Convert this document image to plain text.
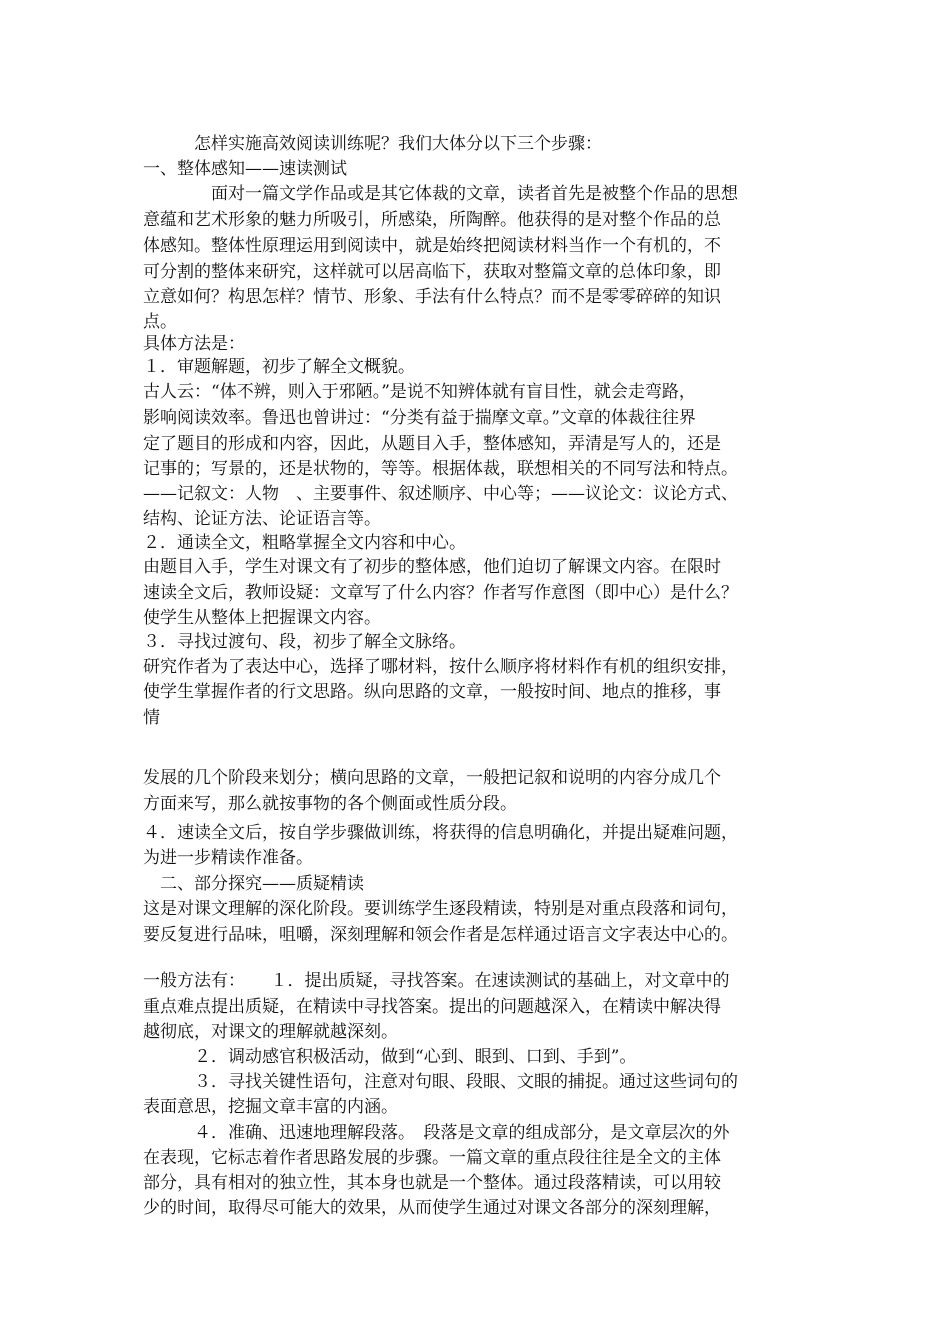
　　　怎样实施高效阅读训练呢？我们大体分以下三个步骤：
一、整体感知——速读测试
　　　　面对一篇文学作品或是其它体裁的文章，读者首先是被整个作品的思想
意蕴和艺术形象的魅力所吸引，所感染，所陶醉。他获得的是对整个作品的总
体感知。整体性原理运用到阅读中，就是始终把阅读材料当作一个有机的，不
可分割的整体来研究，这样就可以居高临下，获取对整篇文章的总体印象，即
立意如何？构思怎样？情节、形象、手法有什么特点？而不是零零碎碎的知识
点。
具体方法是：
１．审题解题，初步了解全文概貌。
古人云：“体不辨，则入于邪陋。”是说不知辨体就有盲目性，就会走弯路，
影响阅读效率。鲁迅也曾讲过：“分类有益于揣摩文章。”文章的体裁往往界
定了题目的形成和内容，因此，从题目入手，整体感知，弄清是写人的，还是
记事的；写景的，还是状物的，等等。根据体裁，联想相关的不同写法和特点。
——记叙文：人物　、主要事件、叙述顺序、中心等；——议论文：议论方式、
结构、论证方法、论证语言等。
２．通读全文，粗略掌握全文内容和中心。
由题目入手，学生对课文有了初步的整体感，他们迫切了解课文内容。在限时
速读全文后，教师设疑：文章写了什么内容？作者写作意图（即中心）是什么？
使学生从整体上把握课文内容。
３．寻找过渡句、段，初步了解全文脉络。
研究作者为了表达中心，选择了哪材料，按什么顺序将材料作有机的组织安排，
使学生掌握作者的行文思路。纵向思路的文章，一般按时间、地点的推移，事
情
发展的几个阶段来划分；横向思路的文章，一般把记叙和说明的内容分成几个
方面来写，那么就按事物的各个侧面或性质分段。
４．速读全文后，按自学步骤做训练，将获得的信息明确化，并提出疑难问题，
为进一步精读作准备。
　二、部分探究——质疑精读
这是对课文理解的深化阶段。要训练学生逐段精读，特别是对重点段落和词句，
要反复进行品味，咀嚼，深刻理解和领会作者是怎样通过语言文字表达中心的。
一般方法有：　　１．提出质疑，寻找答案。在速读测试的基础上，对文章中的
重点难点提出质疑，在精读中寻找答案。提出的问题越深入，在精读中解决得
越彻底，对课文的理解就越深刻。
　　　２．调动感官积极活动，做到“心到、眼到、口到、手到”。
　　　３．寻找关键性语句，注意对句眼、段眼、文眼的捕捉。通过这些词句的
表面意思，挖掘文章丰富的内涵。
　　　４．准确、迅速地理解段落。　段落是文章的组成部分，是文章层次的外
在表现，它标志着作者思路发展的步骤。一篇文章的重点段往往是全文的主体
部分，具有相对的独立性，其本身也就是一个整体。通过段落精读，可以用较
少的时间，取得尽可能大的效果，从而使学生通过对课文各部分的深刻理解，
